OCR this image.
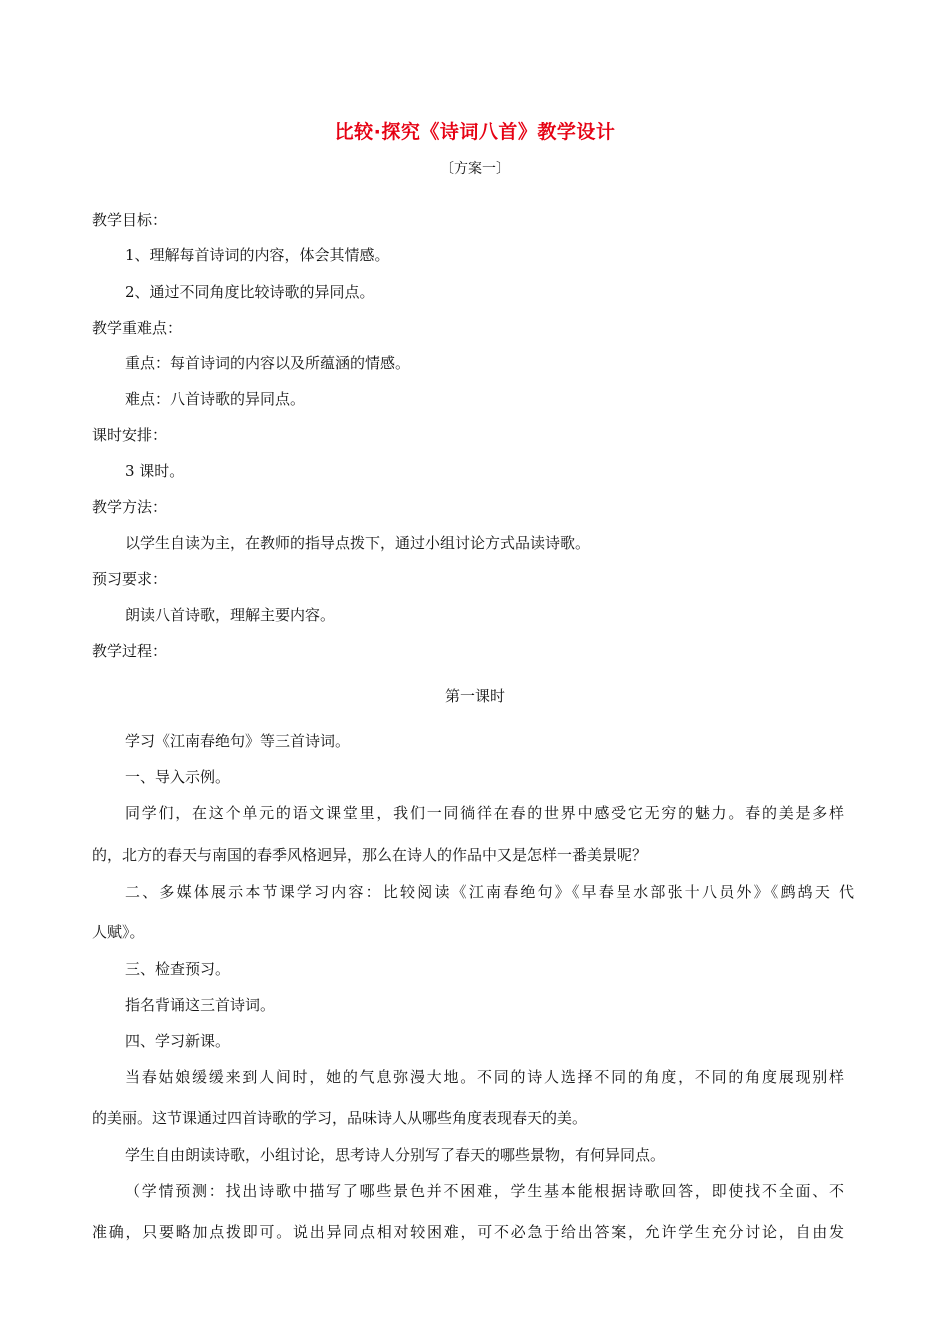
比较·探究《诗词八首》教学设计
〔方案一〕
教学目标：
1、理解每首诗词的内容，体会其情感。
2、通过不同角度比较诗歌的异同点。
教学重难点：
重点：每首诗词的内容以及所蕴涵的情感。
难点：八首诗歌的异同点。
课时安排：
3 课时。
教学方法：
以学生自读为主，在教师的指导点拨下，通过小组讨论方式品读诗歌。
预习要求：
朗读八首诗歌，理解主要内容。
教学过程：
第一课时
学习《江南春绝句》等三首诗词。
一、导入示例。
同学们，在这个单元的语文课堂里，我们一同徜徉在春的世界中感受它无穷的魅力。春的美是多样
的，北方的春天与南国的春季风格迥异，那么在诗人的作品中又是怎样一番美景呢？
二、多媒体展示本节课学习内容：比较阅读《江南春绝句》《早春呈水部张十八员外》《鹧鸪天 代
人赋》。
三、检查预习。
指名背诵这三首诗词。
四、学习新课。
当春姑娘缓缓来到人间时，她的气息弥漫大地。不同的诗人选择不同的角度，不同的角度展现别样
的美丽。这节课通过四首诗歌的学习，品味诗人从哪些角度表现春天的美。
学生自由朗读诗歌，小组讨论，思考诗人分别写了春天的哪些景物，有何异同点。
（学情预测：找出诗歌中描写了哪些景色并不困难，学生基本能根据诗歌回答，即使找不全面、不
准确，只要略加点拨即可。说出异同点相对较困难，可不必急于给出答案，允许学生充分讨论，自由发
